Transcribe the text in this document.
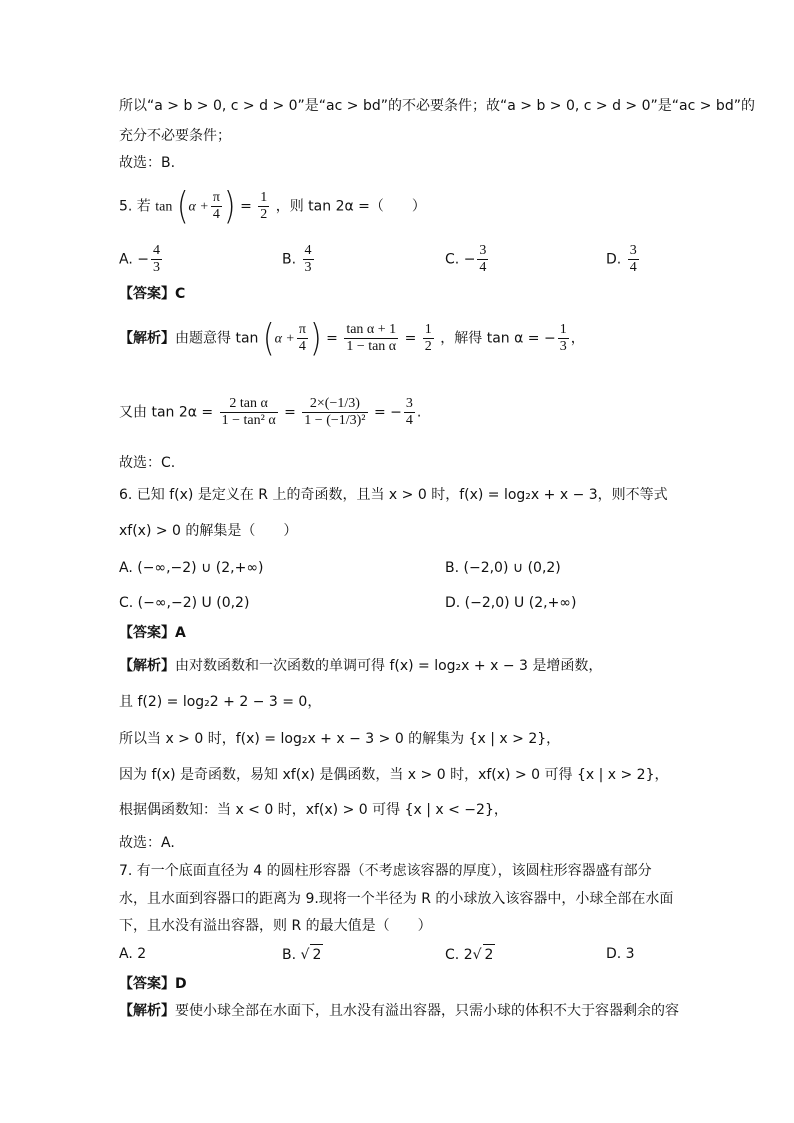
所以“a > b > 0, c > d > 0”是“ac > bd”的不必要条件；故“a > b > 0, c > d > 0”是“ac > bd”的
充分不必要条件；
故选：B.
5. 若 $\tan (\alpha + \frac{\pi}{4}$ ) = $\frac{1}{2}$ ，则 tan 2α =（　　）
A. − $\frac{4}{3}$	B. $\frac{4}{3}$	C. − $\frac{3}{4}$	D. $\frac{3}{4}$
【答案】C
【解析】由题意得 $\tan (\alpha + \frac{\pi}{4}$ ) = $\frac{\text{tan α + 1}}{\text{1 − tan α}} = \frac{1}{2}$ ，解得 tan α = − $\frac{1}{3}$ ，
又由 $\tan 2\alpha = \frac{\text{2 tan α}}{\text{1 − tan² α}} = \frac{2\times(-1/3)}{\text{1 − (−1/3)²}}$ = − $\frac{3}{4}$ .
故选：C.
6. 已知 f(x) 是定义在 R 上的奇函数，且当 x > 0 时，f(x) = log₂x + x − 3，则不等式
xf(x) > 0 的解集是（　　）
A. (−∞,−2) ∪ (2,+∞)	B. (−2,0) ∪ (0,2)
C. (−∞,−2) U (0,2)	D. (−2,0) U (2,+∞)
【答案】A
【解析】由对数函数和一次函数的单调可得 f(x) = log₂x + x − 3 是增函数，
且 f(2) = log₂2 + 2 − 3 = 0，
所以当 x > 0 时，f(x) = log₂x + x − 3 > 0 的解集为 {x | x > 2}，
因为 f(x) 是奇函数，易知 xf(x) 是偶函数，当 x > 0 时，xf(x) > 0 可得 {x | x > 2}，
根据偶函数知：当 x < 0 时，xf(x) > 0 可得 {x | x < −2}，
故选：A.
7. 有一个底面直径为 4 的圆柱形容器（不考虑该容器的厚度），该圆柱形容器盛有部分
水，且水面到容器口的距离为 9.现将一个半径为 R 的小球放入该容器中，小球全部在水面
下，且水没有溢出容器，则 R 的最大值是（　　）
A. 2	B. √ 2	C. 2√ 2	D. 3
【答案】D
【解析】要使小球全部在水面下，且水没有溢出容器，只需小球的体积不大于容器剩余的容
